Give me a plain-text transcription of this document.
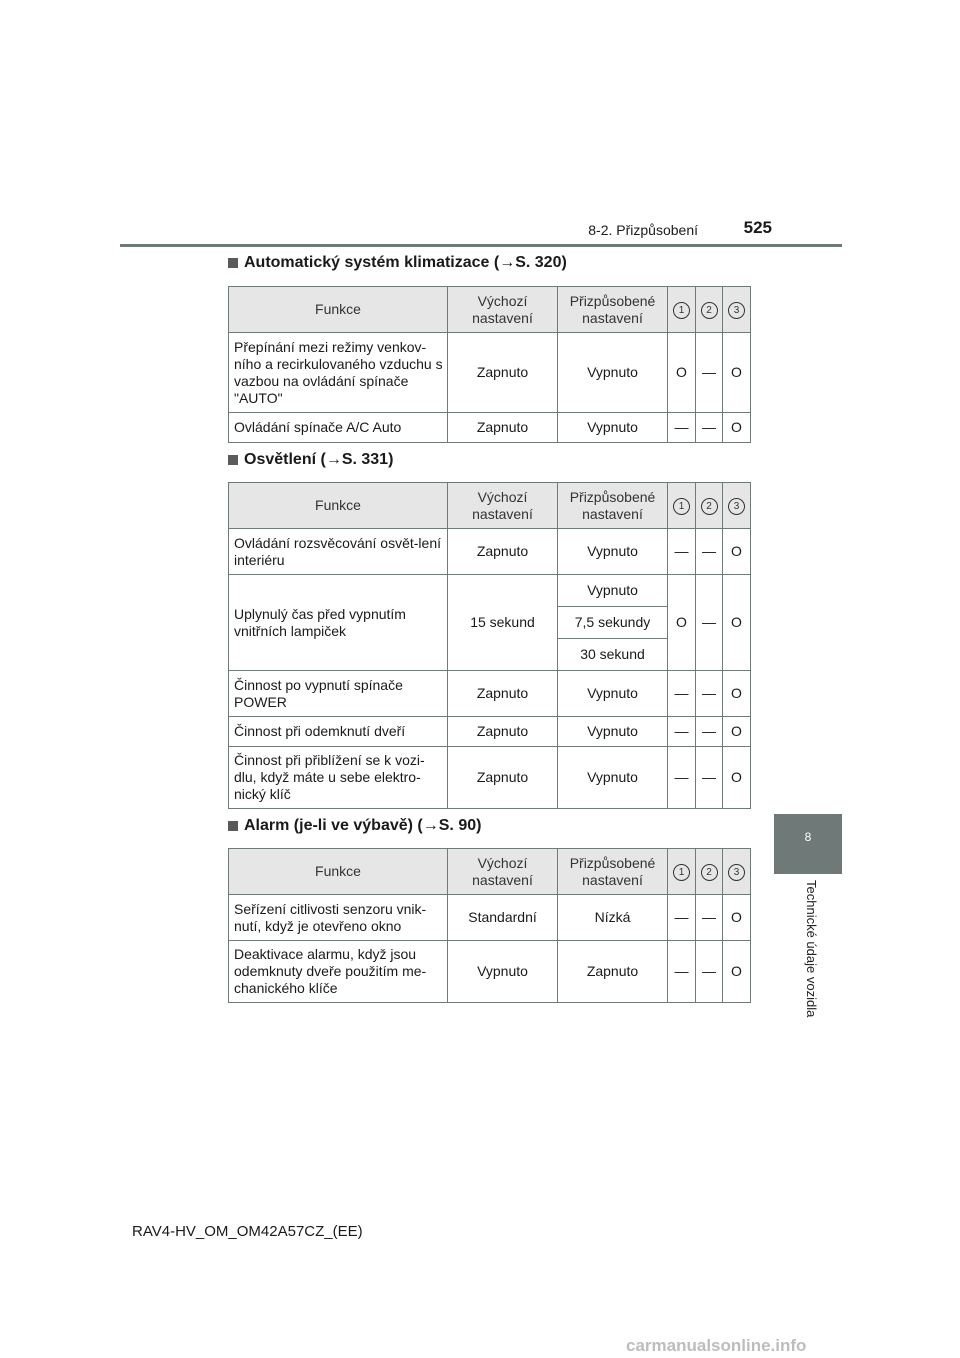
8-2. Přizpůsobení	525
8
Technické údaje vozidla
Automatický systém klimatizace ( → S. 320)
Funkce	Výchozí nastavení	Přizpůsobené nastavení	1	2	3
Přepínání mezi režimy venkov-ního a recirkulovaného vzduchu s vazbou na ovládání spínače "AUTO"	Zapnuto	Vypnuto	O	—	O
Ovládání spínače A/C Auto	Zapnuto	Vypnuto	—	—	O
Osvětlení ( → S. 331)
Funkce	Výchozí nastavení	Přizpůsobené nastavení	1	2	3
Ovládání rozsvěcování osvět-lení interiéru	Zapnuto	Vypnuto	—	—	O
Uplynulý čas před vypnutím vnitřních lampiček	15 sekund	Vypnuto	O	—	O
		7,5 sekundy			
		30 sekund			
Činnost po vypnutí spínače POWER	Zapnuto	Vypnuto	—	—	O
Činnost při odemknutí dveří	Zapnuto	Vypnuto	—	—	O
Činnost při přiblížení se k vozi-dlu, když máte u sebe elektro-nický klíč	Zapnuto	Vypnuto	—	—	O
Alarm (je-li ve výbavě) ( → S. 90)
Funkce	Výchozí nastavení	Přizpůsobené nastavení	1	2	3
Seřízení citlivosti senzoru vnik-nutí, když je otevřeno okno	Standardní	Nízká	—	—	O
Deaktivace alarmu, když jsou odemknuty dveře použitím me-chanického klíče	Vypnuto	Zapnuto	—	—	O
RAV4-HV_OM_OM42A57CZ_(EE)
carmanualsonline.info
